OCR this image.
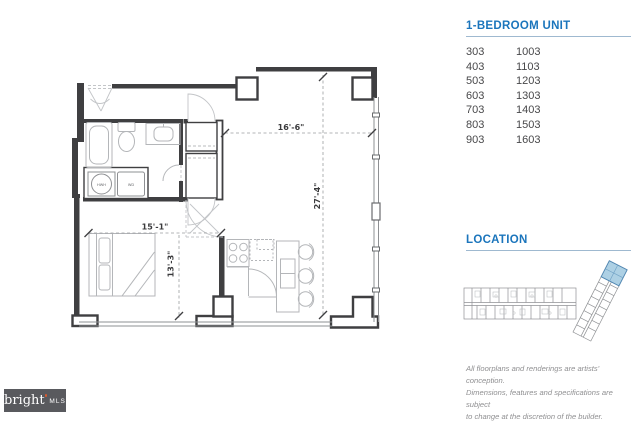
HWH	WD
16'-6"
27'-4"
15'-1"
13'-3"
1-BEDROOM UNIT
303	1003
403	1103
503	1203
603	1303
703	1403
803	1503
903	1603
LOCATION
All floorplans and renderings are artists' conception.
Dimensions, features and specifications are subject
to change at the discretion of the builder.
bright MLS
